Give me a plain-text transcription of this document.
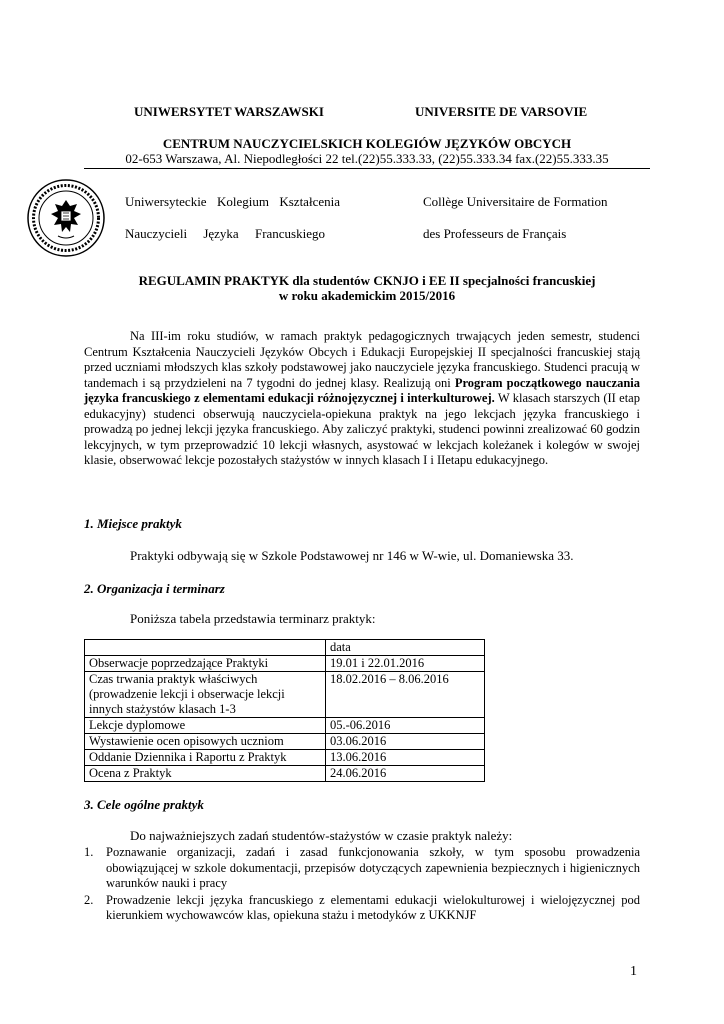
UNIWERSYTET WARSZAWSKI	UNIVERSITE DE VARSOVIE
CENTRUM NAUCZYCIELSKICH KOLEGIÓW JĘZYKÓW OBCYCH
02-653 Warszawa, Al. Niepodległości 22 tel.(22)55.333.33, (22)55.333.34 fax.(22)55.333.35
Uniwersyteckie Kolegium Kształcenia
Nauczycieli Języka Francuskiego
Collège Universitaire de Formation
des Professeurs de Français
REGULAMIN PRAKTYK dla studentów CKNJO i EE II specjalności francuskiej
w roku akademickim 2015/2016
Na III-im roku studiów, w ramach praktyk pedagogicznych trwających jeden semestr, studenci Centrum Kształcenia Nauczycieli Języków Obcych i Edukacji Europejskiej II specjalności francuskiej stają przed uczniami młodszych klas szkoły podstawowej jako nauczyciele języka francuskiego. Studenci pracują w tandemach i są przydzieleni na 7 tygodni do jednej klasy. Realizują oni Program początkowego nauczania języka francuskiego z elementami edukacji różnojęzycznej i interkulturowej. W klasach starszych (II etap edukacyjny) studenci obserwują nauczyciela-opiekuna praktyk na jego lekcjach języka francuskiego i prowadzą po jednej lekcji języka francuskiego. Aby zaliczyć praktyki, studenci powinni zrealizować 60 godzin lekcyjnych, w tym przeprowadzić 10 lekcji własnych, asystować w lekcjach koleżanek i kolegów w swojej klasie, obserwować lekcje pozostałych stażystów w innych klasach I i IIetapu edukacyjnego.
1. Miejsce praktyk
Praktyki odbywają się w Szkole Podstawowej nr 146 w W-wie, ul. Domaniewska 33.
2. Organizacja i terminarz
Poniższa tabela przedstawia terminarz praktyk:
	data
Obserwacje poprzedzające Praktyki	19.01 i 22.01.2016
Czas trwania praktyk właściwych (prowadzenie lekcji i obserwacje lekcji innych stażystów klasach 1-3	18.02.2016 – 8.06.2016
Lekcje dyplomowe	05.-06.2016
Wystawienie ocen opisowych uczniom	03.06.2016
Oddanie Dziennika i Raportu z Praktyk	13.06.2016
Ocena z Praktyk	24.06.2016
3. Cele ogólne praktyk
Do najważniejszych zadań studentów-stażystów w czasie praktyk należy:
1. Poznawanie organizacji, zadań i zasad funkcjonowania szkoły, w tym sposobu prowadzenia obowiązującej w szkole dokumentacji, przepisów dotyczących zapewnienia bezpiecznych i higienicznych warunków nauki i pracy
2. Prowadzenie lekcji języka francuskiego z elementami edukacji wielokulturowej i wielojęzycznej pod kierunkiem wychowawców klas, opiekuna stażu i metodyków z UKKNJF
1
